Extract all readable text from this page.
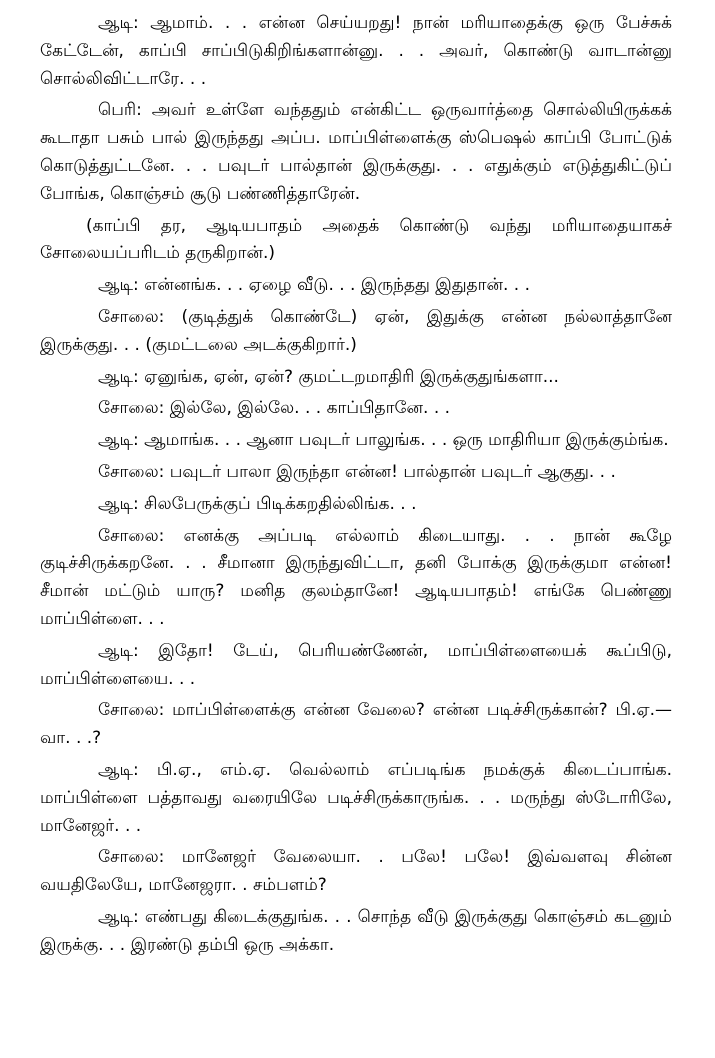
ஆடி: ஆமாம். . . என்ன செய்யறது! நான் மரியாதைக்கு ஒரு பேச்சுக் கேட்டேன், காப்பி சாப்பிடுகிறிங்களான்னு. . . அவர், கொண்டு வாடான்னு சொல்லிவிட்டாரே. . .

பெரி: அவர் உள்ளே வந்ததும் என்கிட்ட ஒருவார்த்தை சொல்லியிருக்கக் கூடாதா பசும் பால் இருந்தது அப்ப. மாப்பிள்ளைக்கு ஸ்பெஷல் காப்பி போட்டுக் கொடுத்துட்டனே. . . பவுடர் பால்தான் இருக்குது. . . எதுக்கும் எடுத்துகிட்டுப் போங்க, கொஞ்சம் சூடு பண்ணித்தாரேன்.

(காப்பி தர, ஆடியபாதம் அதைக் கொண்டு வந்து மரியாதையாகச் சோலையப்பரிடம் தருகிறான்.)

ஆடி: என்னங்க. . . ஏழை வீடு. . . இருந்தது இதுதான். . .

சோலை: (குடித்துக் கொண்டே) ஏன், இதுக்கு என்ன நல்லாத்தானே இருக்குது. . . (குமட்டலை அடக்குகிறார்.)

ஆடி: ஏனுங்க, ஏன், ஏன்? குமட்டறமாதிரி இருக்குதுங்களா...

சோலை: இல்லே, இல்லே. . . காப்பிதானே. . .

ஆடி: ஆமாங்க. . . ஆனா பவுடர் பாலுங்க. . . ஒரு மாதிரியா இருக்கும்ங்க.

சோலை: பவுடர் பாலா இருந்தா என்ன! பால்தான் பவுடர் ஆகுது. . .

ஆடி: சிலபேருக்குப் பிடிக்கறதில்லிங்க. . .

சோலை: எனக்கு அப்படி எல்லாம் கிடையாது. . . நான் கூழே குடிச்சிருக்கறனே. . . சீமானா இருந்துவிட்டா, தனி போக்கு இருக்குமா என்ன! சீமான் மட்டும் யாரு? மனித குலம்தானே! ஆடியபாதம்! எங்கே பெண்ணு மாப்பிள்ளை. . .

ஆடி: இதோ! டேய், பெரியண்ணேன், மாப்பிள்ளையைக் கூப்பிடு, மாப்பிள்ளையை. . .

சோலை: மாப்பிள்ளைக்கு என்ன வேலை? என்ன படிச்சிருக்கான்? பி.ஏ.—வா. . .?

ஆடி: பி.ஏ., எம்.ஏ. வெல்லாம் எப்படிங்க நமக்குக் கிடைப்பாங்க. மாப்பிள்ளை பத்தாவது வரையிலே படிச்சிருக்காருங்க. . . மருந்து ஸ்டோரிலே, மானேஜர். . .

சோலை: மானேஜர் வேலையா. . பலே! பலே! இவ்வளவு சின்ன வயதிலேயே, மானேஜரா. . சம்பளம்?

ஆடி: எண்பது கிடைக்குதுங்க. . . சொந்த வீடு இருக்குது கொஞ்சம் கடனும் இருக்கு. . . இரண்டு தம்பி ஒரு அக்கா.
